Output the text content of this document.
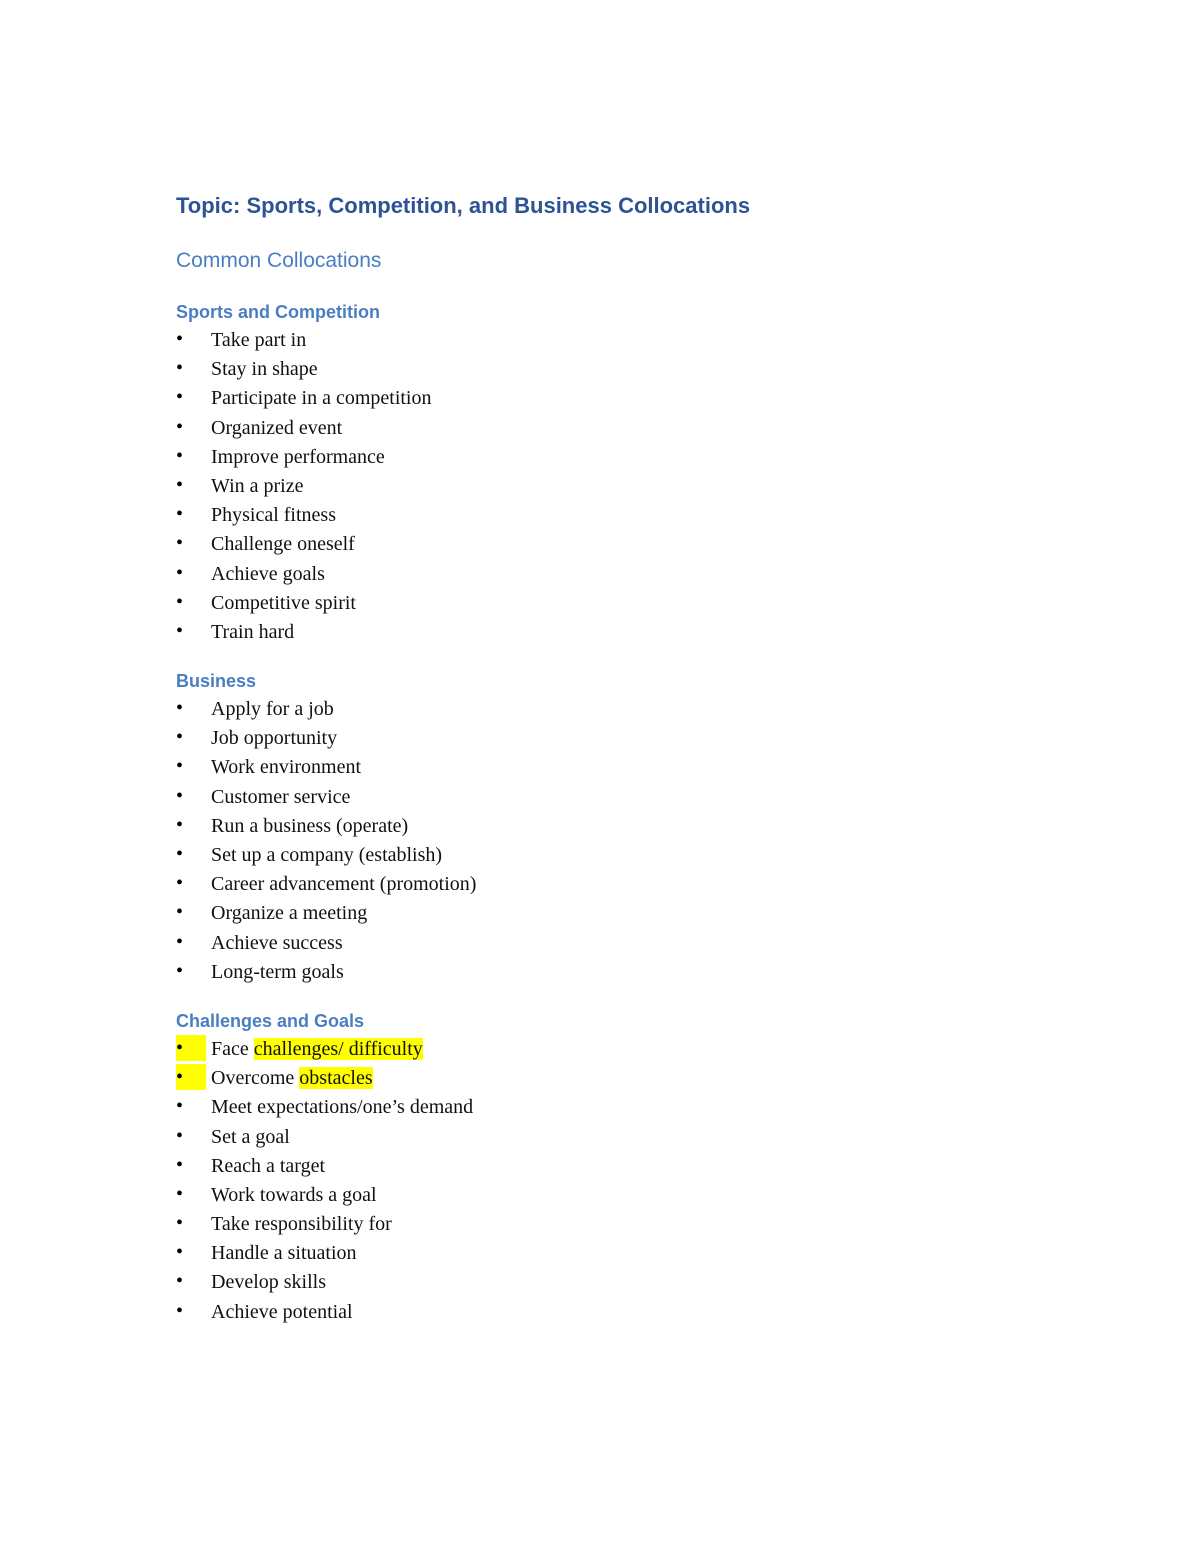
Topic: Sports, Competition, and Business Collocations
Common Collocations
Sports and Competition
•	Take part in
•	Stay in shape
•	Participate in a competition
•	Organized event
•	Improve performance
•	Win a prize
•	Physical fitness
•	Challenge oneself
•	Achieve goals
•	Competitive spirit
•	Train hard
Business
•	Apply for a job
•	Job opportunity
•	Work environment
•	Customer service
•	Run a business (operate)
•	Set up a company (establish)
•	Career advancement (promotion)
•	Organize a meeting
•	Achieve success
•	Long-term goals
Challenges and Goals
•	Face challenges/ difficulty
•	Overcome obstacles
•	Meet expectations/one’s demand
•	Set a goal
•	Reach a target
•	Work towards a goal
•	Take responsibility for
•	Handle a situation
•	Develop skills
•	Achieve potential
